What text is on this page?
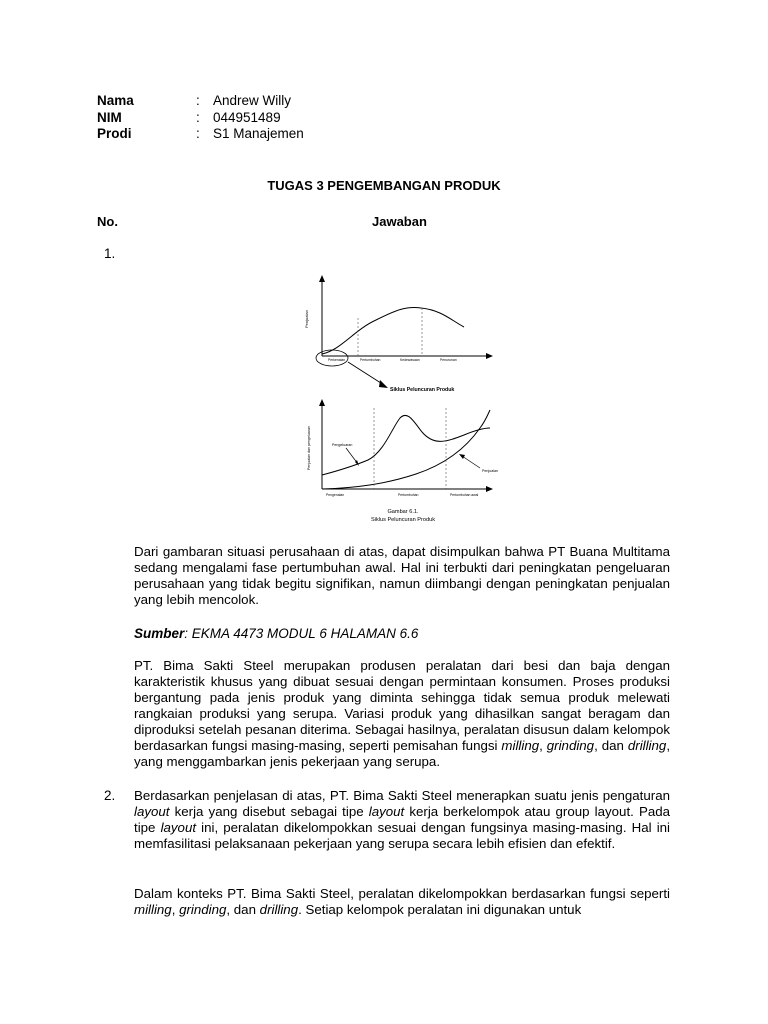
Nama	: Andrew Willy
NIM	: 044951489
Prodi	: S1 Manajemen
TUGAS 3 PENGEMBANGAN PRODUK
No.	Jawaban
1.
Penjualan
Perkenalan	Pertumbuhan	Kedewasaan	Penurunan
Siklus Peluncuran Produk
Penjualan dan pengeluaran	Pengeluaran
Penjualan
Pengenalan	Pertumbuhan	Pertumbuhan awal
Gambar 6.1.
Siklus Peluncuran Produk

Dari gambaran situasi perusahaan di atas, dapat disimpulkan bahwa PT Buana Multitama sedang mengalami fase pertumbuhan awal. Hal ini terbukti dari peningkatan pengeluaran perusahaan yang tidak begitu signifikan, namun diimbangi dengan peningkatan penjualan yang lebih mencolok.

Sumber: EKMA 4473 MODUL 6 HALAMAN 6.6

PT. Bima Sakti Steel merupakan produsen peralatan dari besi dan baja dengan karakteristik khusus yang dibuat sesuai dengan permintaan konsumen. Proses produksi bergantung pada jenis produk yang diminta sehingga tidak semua produk melewati rangkaian produksi yang serupa. Variasi produk yang dihasilkan sangat beragam dan diproduksi setelah pesanan diterima. Sebagai hasilnya, peralatan disusun dalam kelompok berdasarkan fungsi masing-masing, seperti pemisahan fungsi milling, grinding, dan drilling, yang menggambarkan jenis pekerjaan yang serupa.

2. Berdasarkan penjelasan di atas, PT. Bima Sakti Steel menerapkan suatu jenis pengaturan layout kerja yang disebut sebagai tipe layout kerja berkelompok atau group layout. Pada tipe layout ini, peralatan dikelompokkan sesuai dengan fungsinya masing-masing. Hal ini memfasilitasi pelaksanaan pekerjaan yang serupa secara lebih efisien dan efektif.

Dalam konteks PT. Bima Sakti Steel, peralatan dikelompokkan berdasarkan fungsi seperti milling, grinding, dan drilling. Setiap kelompok peralatan ini digunakan untuk
